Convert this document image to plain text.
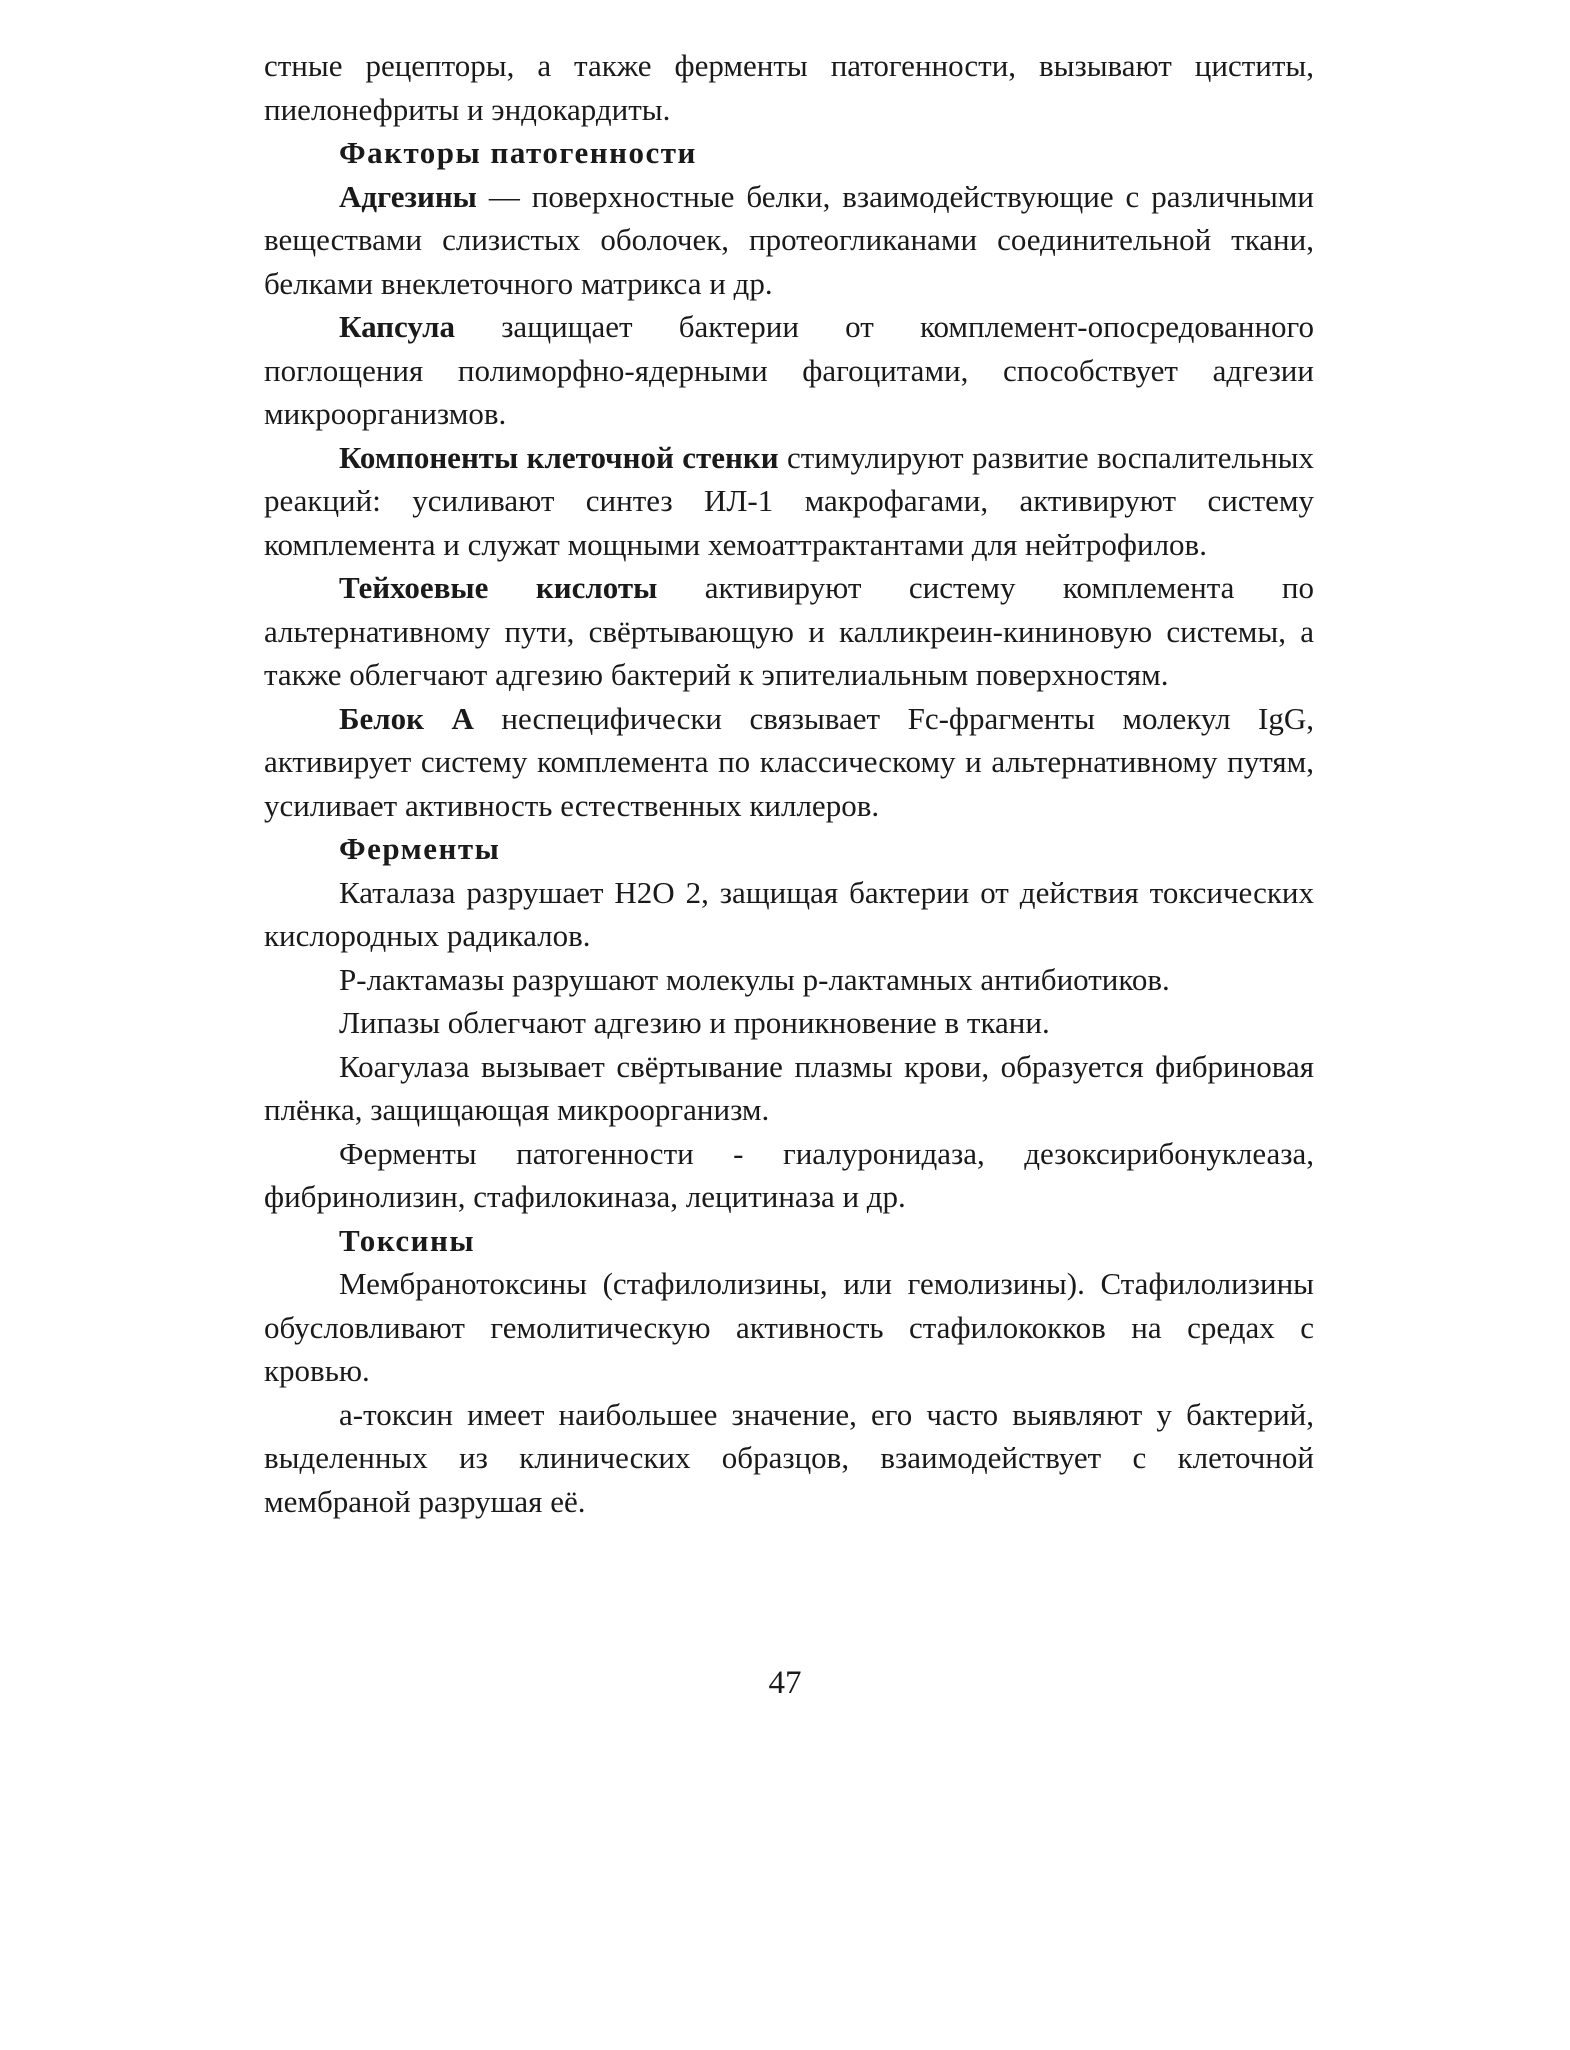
стные рецепторы, а также ферменты патогенности, вызывают циститы, пиелонефриты и эндокардиты.

Факторы патогенности

Адгезины — поверхностные белки, взаимодействующие с различными веществами слизистых оболочек, протеогликанами соединительной ткани, белками внеклеточного матрикса и др.

Капсула защищает бактерии от комплемент-опосредованного поглощения полиморфно-ядерными фагоцитами, способствует адгезии микроорганизмов.

Компоненты клеточной стенки стимулируют развитие воспалительных реакций: усиливают синтез ИЛ-1 макрофагами, активируют систему комплемента и служат мощными хемоаттрактантами для нейтрофилов.

Тейхоевые кислоты активируют систему комплемента по альтернативному пути, свёртывающую и калликреин-кининовую системы, а также облегчают адгезию бактерий к эпителиальным поверхностям.

Белок А неспецифически связывает Fc-фрагменты молекул IgG, активирует систему комплемента по классическому и альтернативному путям, усиливает активность естественных киллеров.

Ферменты

Каталаза разрушает Н2О 2, защищая бактерии от действия токсических кислородных радикалов.

Р-лактамазы разрушают молекулы р-лактамных антибиотиков.

Липазы облегчают адгезию и проникновение в ткани.

Коагулаза вызывает свёртывание плазмы крови, образуется фибриновая плёнка, защищающая микроорганизм.

Ферменты патогенности - гиалуронидаза, дезоксирибонуклеаза, фибринолизин, стафилокиназа, лецитиназа и др.

Токсины

Мембранотоксины (стафилолизины, или гемолизины). Стафилолизины обусловливают гемолитическую активность стафилококков на средах с кровью.

а-токсин имеет наибольшее значение, его часто выявляют у бактерий, выделенных из клинических образцов, взаимодействует с клеточной мембраной разрушая её.

47
